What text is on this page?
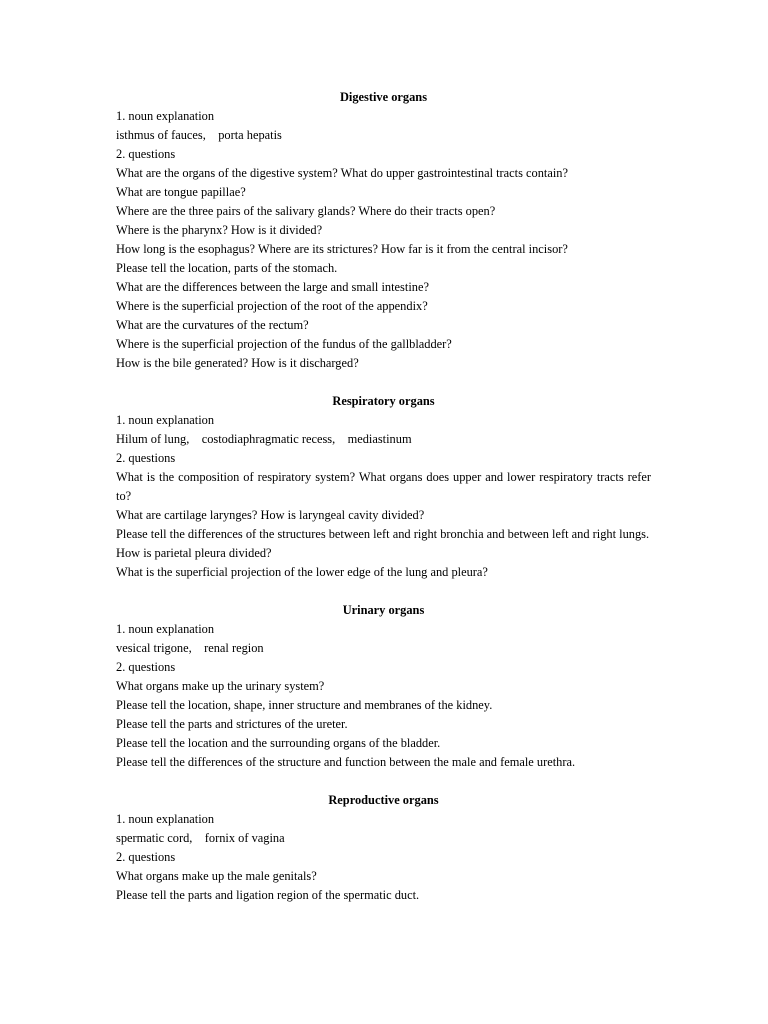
Digestive organs

1. noun explanation

isthmus of fauces,    porta hepatis

2. questions

What are the organs of the digestive system? What do upper gastrointestinal tracts contain?

What are tongue papillae?

Where are the three pairs of the salivary glands? Where do their tracts open?

Where is the pharynx? How is it divided?

How long is the esophagus? Where are its strictures? How far is it from the central incisor?

Please tell the location, parts of the stomach.

What are the differences between the large and small intestine?

Where is the superficial projection of the root of the appendix?

What are the curvatures of the rectum?

Where is the superficial projection of the fundus of the gallbladder?

How is the bile generated? How is it discharged?

Respiratory organs

1. noun explanation

Hilum of lung,    costodiaphragmatic recess,    mediastinum

2. questions

What is the composition of respiratory system? What organs does upper and lower respiratory tracts refer to?

What are cartilage larynges? How is laryngeal cavity divided?

Please tell the differences of the structures between left and right bronchia and between left and right lungs.

How is parietal pleura divided?

What is the superficial projection of the lower edge of the lung and pleura?

Urinary organs

1. noun explanation

vesical trigone,    renal region

2. questions

What organs make up the urinary system?

Please tell the location, shape, inner structure and membranes of the kidney.

Please tell the parts and strictures of the ureter.

Please tell the location and the surrounding organs of the bladder.

Please tell the differences of the structure and function between the male and female urethra.

Reproductive organs

1. noun explanation

spermatic cord,    fornix of vagina

2. questions

What organs make up the male genitals?

Please tell the parts and ligation region of the spermatic duct.
